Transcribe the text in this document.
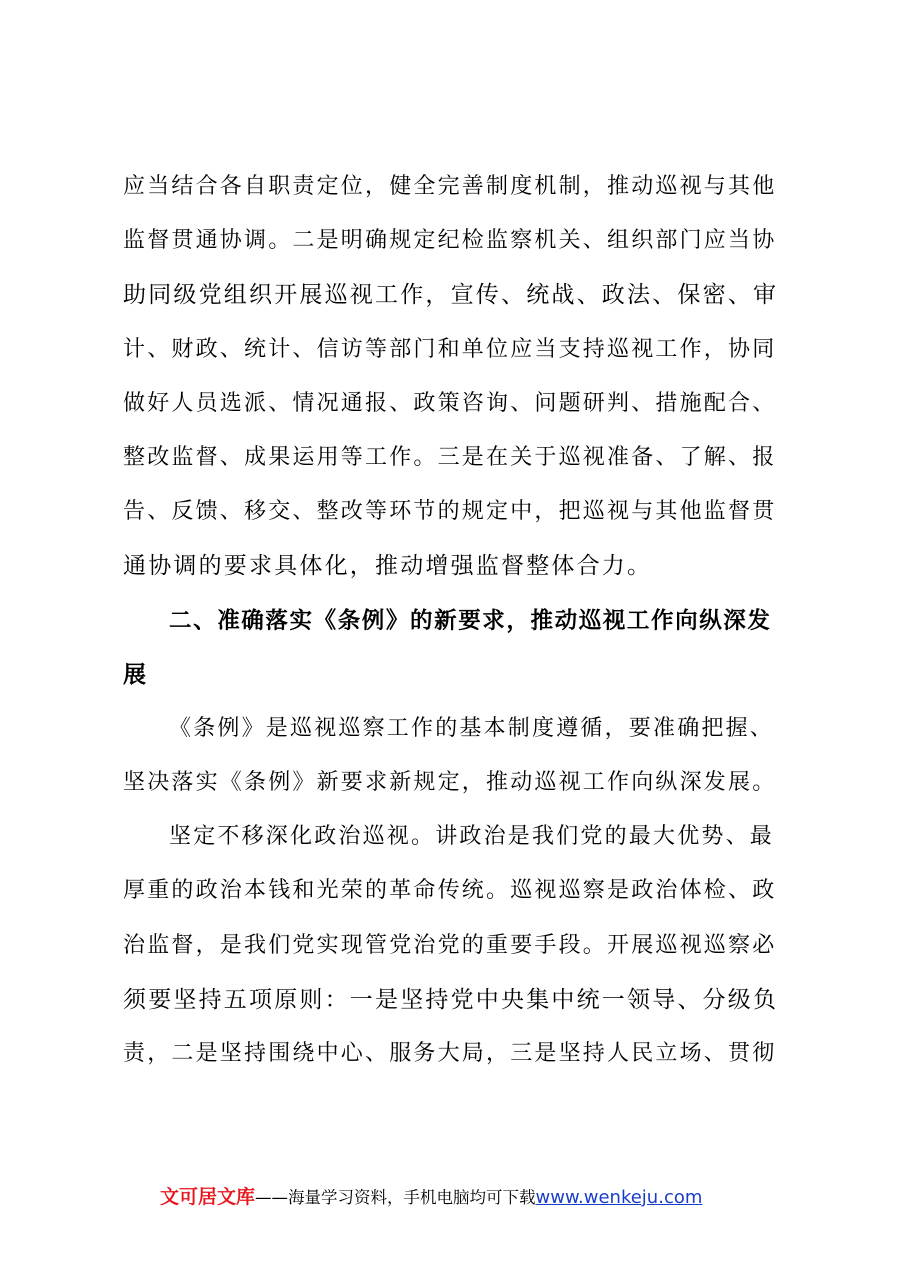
应当结合各自职责定位，健全完善制度机制，推动巡视与其他
监督贯通协调。二是明确规定纪检监察机关、组织部门应当协
助同级党组织开展巡视工作，宣传、统战、政法、保密、审
计、财政、统计、信访等部门和单位应当支持巡视工作，协同
做好人员选派、情况通报、政策咨询、问题研判、措施配合、
整改监督、成果运用等工作。三是在关于巡视准备、了解、报
告、反馈、移交、整改等环节的规定中，把巡视与其他监督贯
通协调的要求具体化，推动增强监督整体合力。
二、准确落实《条例》的新要求，推动巡视工作向纵深发
展
《条例》是巡视巡察工作的基本制度遵循，要准确把握、
坚决落实《条例》新要求新规定，推动巡视工作向纵深发展。
坚定不移深化政治巡视。讲政治是我们党的最大优势、最
厚重的政治本钱和光荣的革命传统。巡视巡察是政治体检、政
治监督，是我们党实现管党治党的重要手段。开展巡视巡察必
须要坚持五项原则：一是坚持党中央集中统一领导、分级负
责，二是坚持围绕中心、服务大局，三是坚持人民立场、贯彻
文可居文库——海量学习资料，手机电脑均可下载www.wenkeju.com
